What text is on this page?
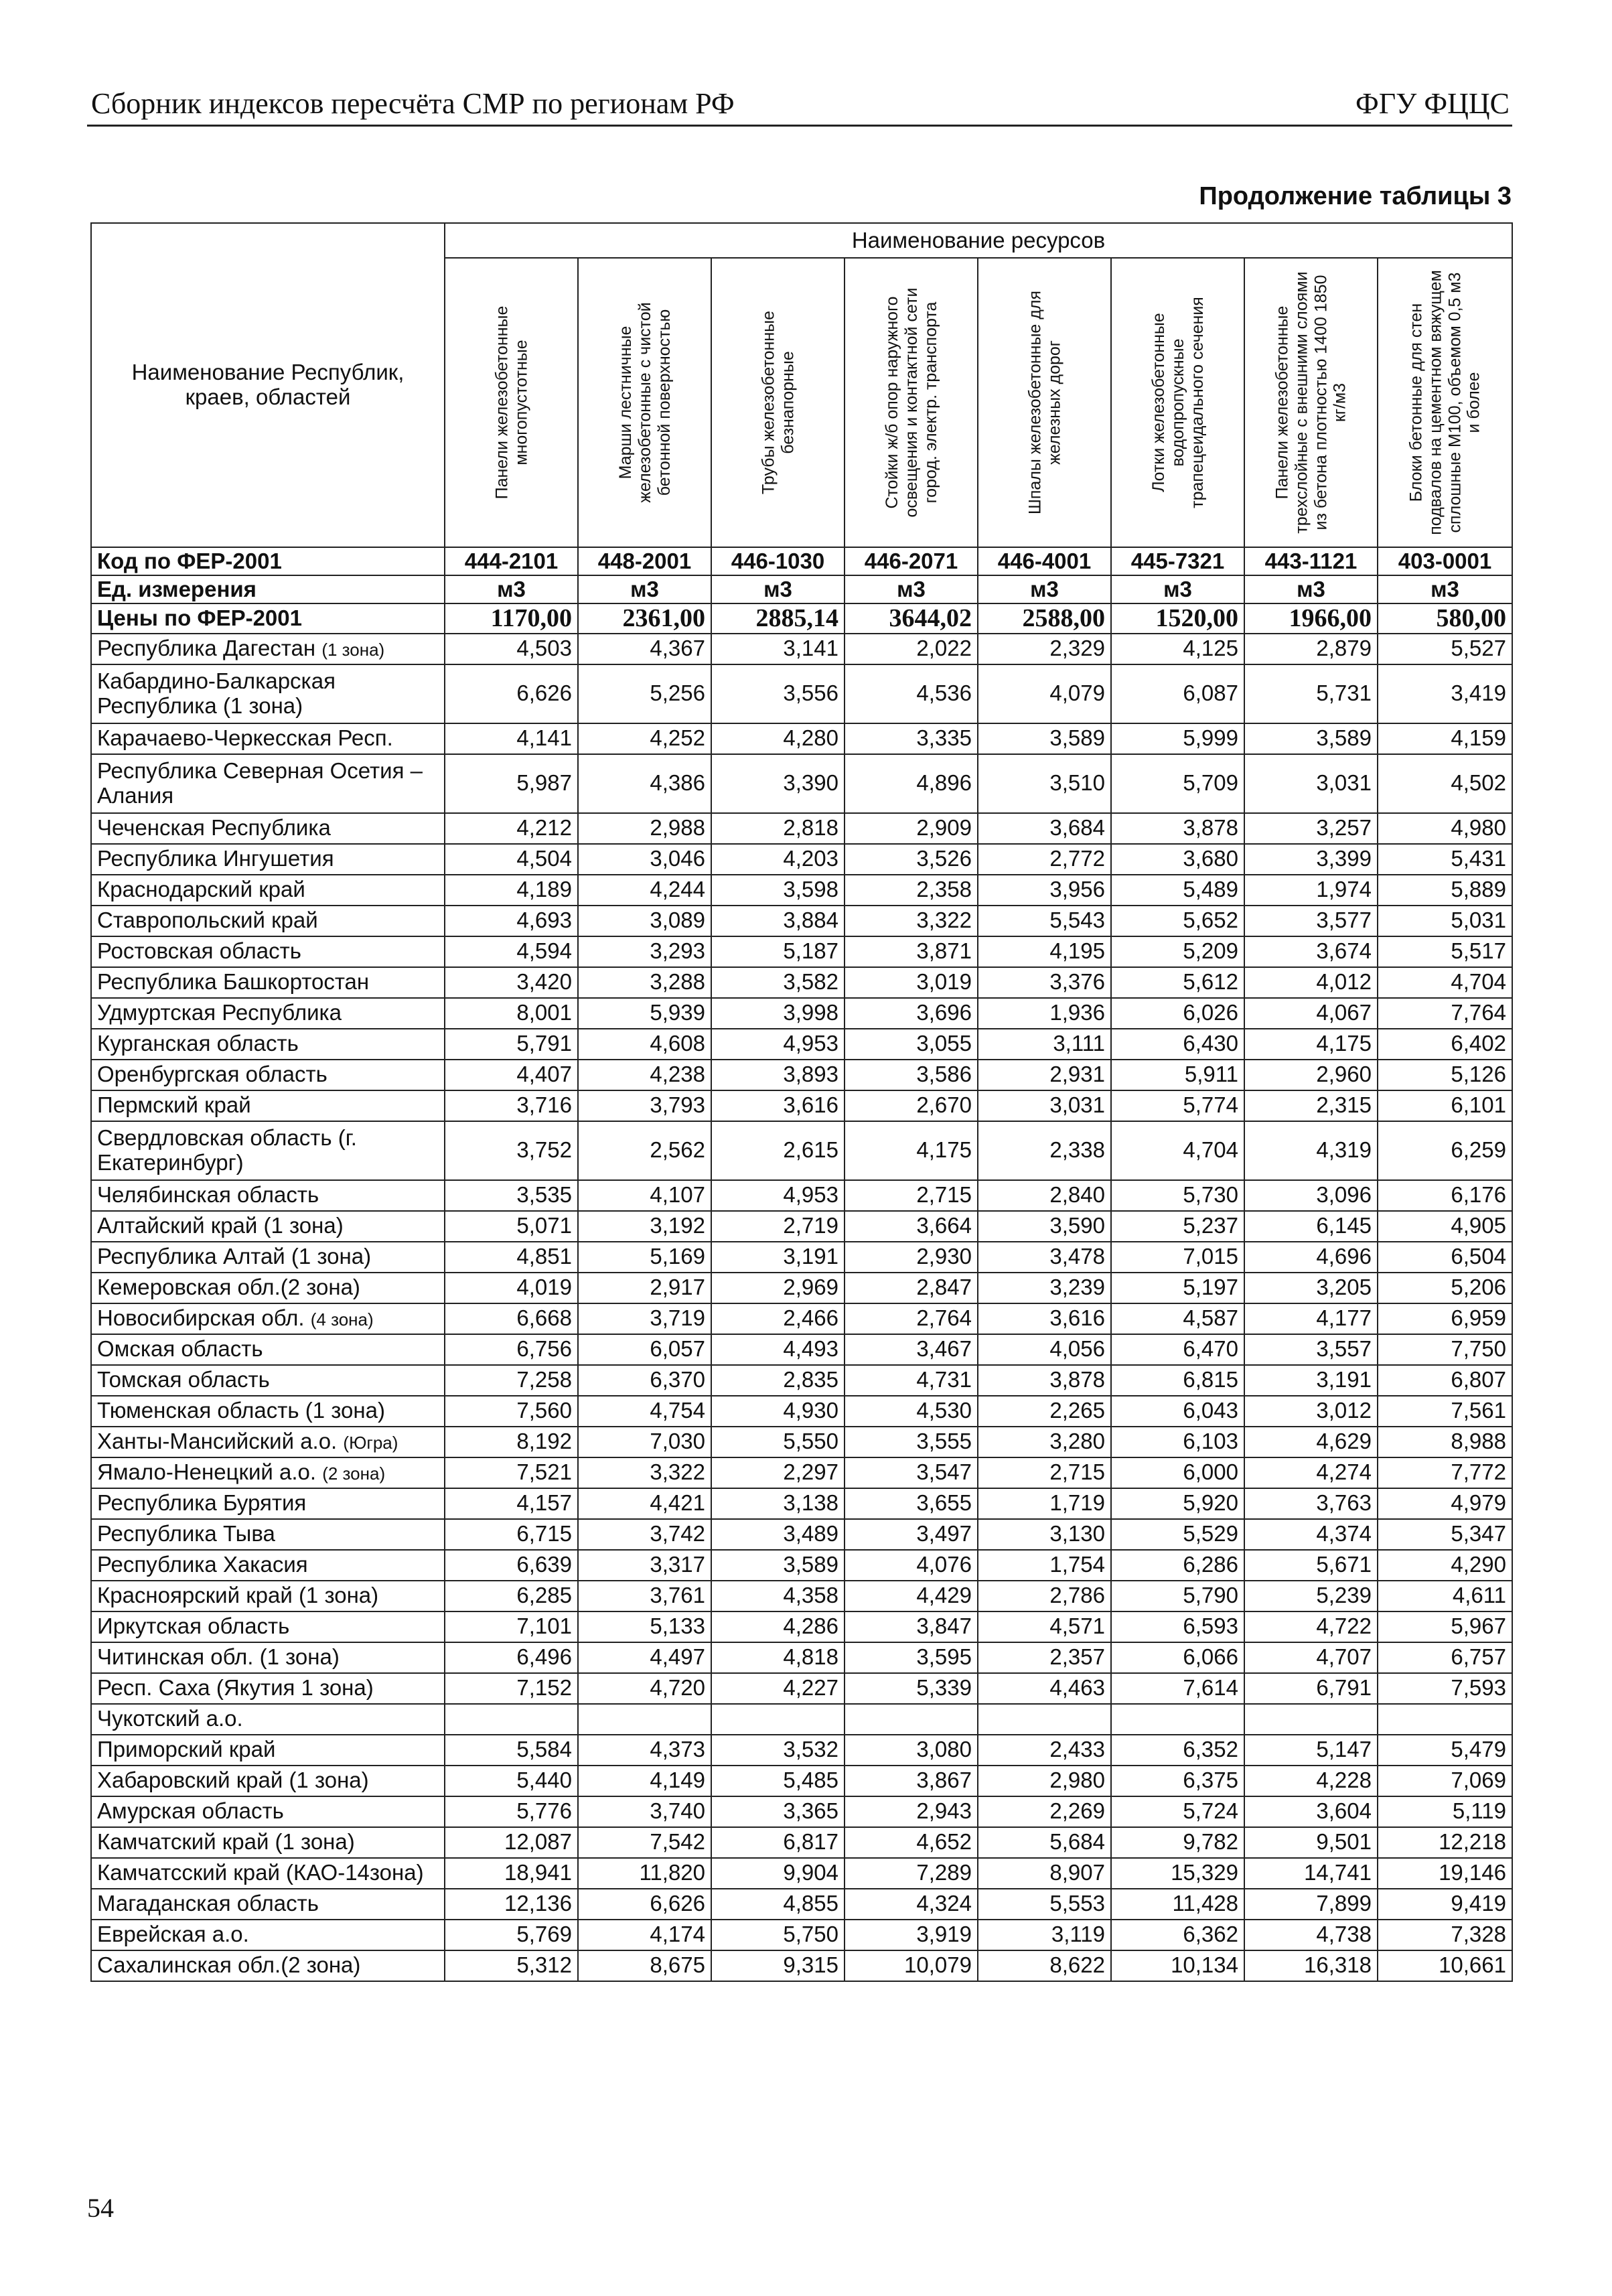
Сборник индексов пересчёта СМР по регионам РФ	ФГУ ФЦЦС
Продолжение таблицы 3
Наименование Республик, краев, областей	Наименование ресурсов							

	Панели железобетонные многопустотные	Марши лестничные железобетонные с чистой бетонной поверхностью	Трубы железобетонные безнапорные	Стойки ж/б опор наружного освещения и контактной сети город. электр. транспорта	Шпалы железобетонные для железных дорог	Лотки железобетонные водопропускные трапецеидального сечения	Панели железобетонные трехслойные с внешними слоями из бетона плотностью 1400 1850 кг/м3	Блоки бетонные для стен подвалов на цементном вяжущем сплошные М100, объемом 0,5 м3 и более

Код по ФЕР-2001	444-2101	448-2001	446-1030	446-2071	446-4001	445-7321	443-1121	403-0001
Ед. измерения	м3	м3	м3	м3	м3	м3	м3	м3
Цены по ФЕР-2001	1170,00	2361,00	2885,14	3644,02	2588,00	1520,00	1966,00	580,00
Республика Дагестан (1 зона)	4,503	4,367	3,141	2,022	2,329	4,125	2,879	5,527
Кабардино-Балкарская Республика (1 зона)	6,626	5,256	3,556	4,536	4,079	6,087	5,731	3,419
Карачаево-Черкесская Респ.	4,141	4,252	4,280	3,335	3,589	5,999	3,589	4,159
Республика Северная Осетия – Алания	5,987	4,386	3,390	4,896	3,510	5,709	3,031	4,502
Чеченская Республика	4,212	2,988	2,818	2,909	3,684	3,878	3,257	4,980
Республика Ингушетия	4,504	3,046	4,203	3,526	2,772	3,680	3,399	5,431
Краснодарский край	4,189	4,244	3,598	2,358	3,956	5,489	1,974	5,889
Ставропольский край	4,693	3,089	3,884	3,322	5,543	5,652	3,577	5,031
Ростовская область	4,594	3,293	5,187	3,871	4,195	5,209	3,674	5,517
Республика Башкортостан	3,420	3,288	3,582	3,019	3,376	5,612	4,012	4,704
Удмуртская Республика	8,001	5,939	3,998	3,696	1,936	6,026	4,067	7,764
Курганская область	5,791	4,608	4,953	3,055	3,111	6,430	4,175	6,402
Оренбургская область	4,407	4,238	3,893	3,586	2,931	5,911	2,960	5,126
Пермский край	3,716	3,793	3,616	2,670	3,031	5,774	2,315	6,101
Свердловская область (г. Екатеринбург)	3,752	2,562	2,615	4,175	2,338	4,704	4,319	6,259
Челябинская область	3,535	4,107	4,953	2,715	2,840	5,730	3,096	6,176
Алтайский край (1 зона)	5,071	3,192	2,719	3,664	3,590	5,237	6,145	4,905
Республика Алтай (1 зона)	4,851	5,169	3,191	2,930	3,478	7,015	4,696	6,504
Кемеровская обл.(2 зона)	4,019	2,917	2,969	2,847	3,239	5,197	3,205	5,206
Новосибирская обл. (4 зона)	6,668	3,719	2,466	2,764	3,616	4,587	4,177	6,959
Омская область	6,756	6,057	4,493	3,467	4,056	6,470	3,557	7,750
Томская область	7,258	6,370	2,835	4,731	3,878	6,815	3,191	6,807
Тюменская область (1 зона)	7,560	4,754	4,930	4,530	2,265	6,043	3,012	7,561
Ханты-Мансийский а.о. (Югра)	8,192	7,030	5,550	3,555	3,280	6,103	4,629	8,988
Ямало-Ненецкий а.о. (2 зона)	7,521	3,322	2,297	3,547	2,715	6,000	4,274	7,772
Республика Бурятия	4,157	4,421	3,138	3,655	1,719	5,920	3,763	4,979
Республика Тыва	6,715	3,742	3,489	3,497	3,130	5,529	4,374	5,347
Республика Хакасия	6,639	3,317	3,589	4,076	1,754	6,286	5,671	4,290
Красноярский край (1 зона)	6,285	3,761	4,358	4,429	2,786	5,790	5,239	4,611
Иркутская область	7,101	5,133	4,286	3,847	4,571	6,593	4,722	5,967
Читинская обл. (1 зона)	6,496	4,497	4,818	3,595	2,357	6,066	4,707	6,757
Респ. Саха (Якутия 1 зона)	7,152	4,720	4,227	5,339	4,463	7,614	6,791	7,593
Чукотский а.о.								
Приморский край	5,584	4,373	3,532	3,080	2,433	6,352	5,147	5,479
Хабаровский край (1 зона)	5,440	4,149	5,485	3,867	2,980	6,375	4,228	7,069
Амурская область	5,776	3,740	3,365	2,943	2,269	5,724	3,604	5,119
Камчатский край (1 зона)	12,087	7,542	6,817	4,652	5,684	9,782	9,501	12,218
Камчатсский край (КАО-14зона)	18,941	11,820	9,904	7,289	8,907	15,329	14,741	19,146
Магаданская область	12,136	6,626	4,855	4,324	5,553	11,428	7,899	9,419
Еврейская а.о.	5,769	4,174	5,750	3,919	3,119	6,362	4,738	7,328
Сахалинская обл.(2 зона)	5,312	8,675	9,315	10,079	8,622	10,134	16,318	10,661
54
